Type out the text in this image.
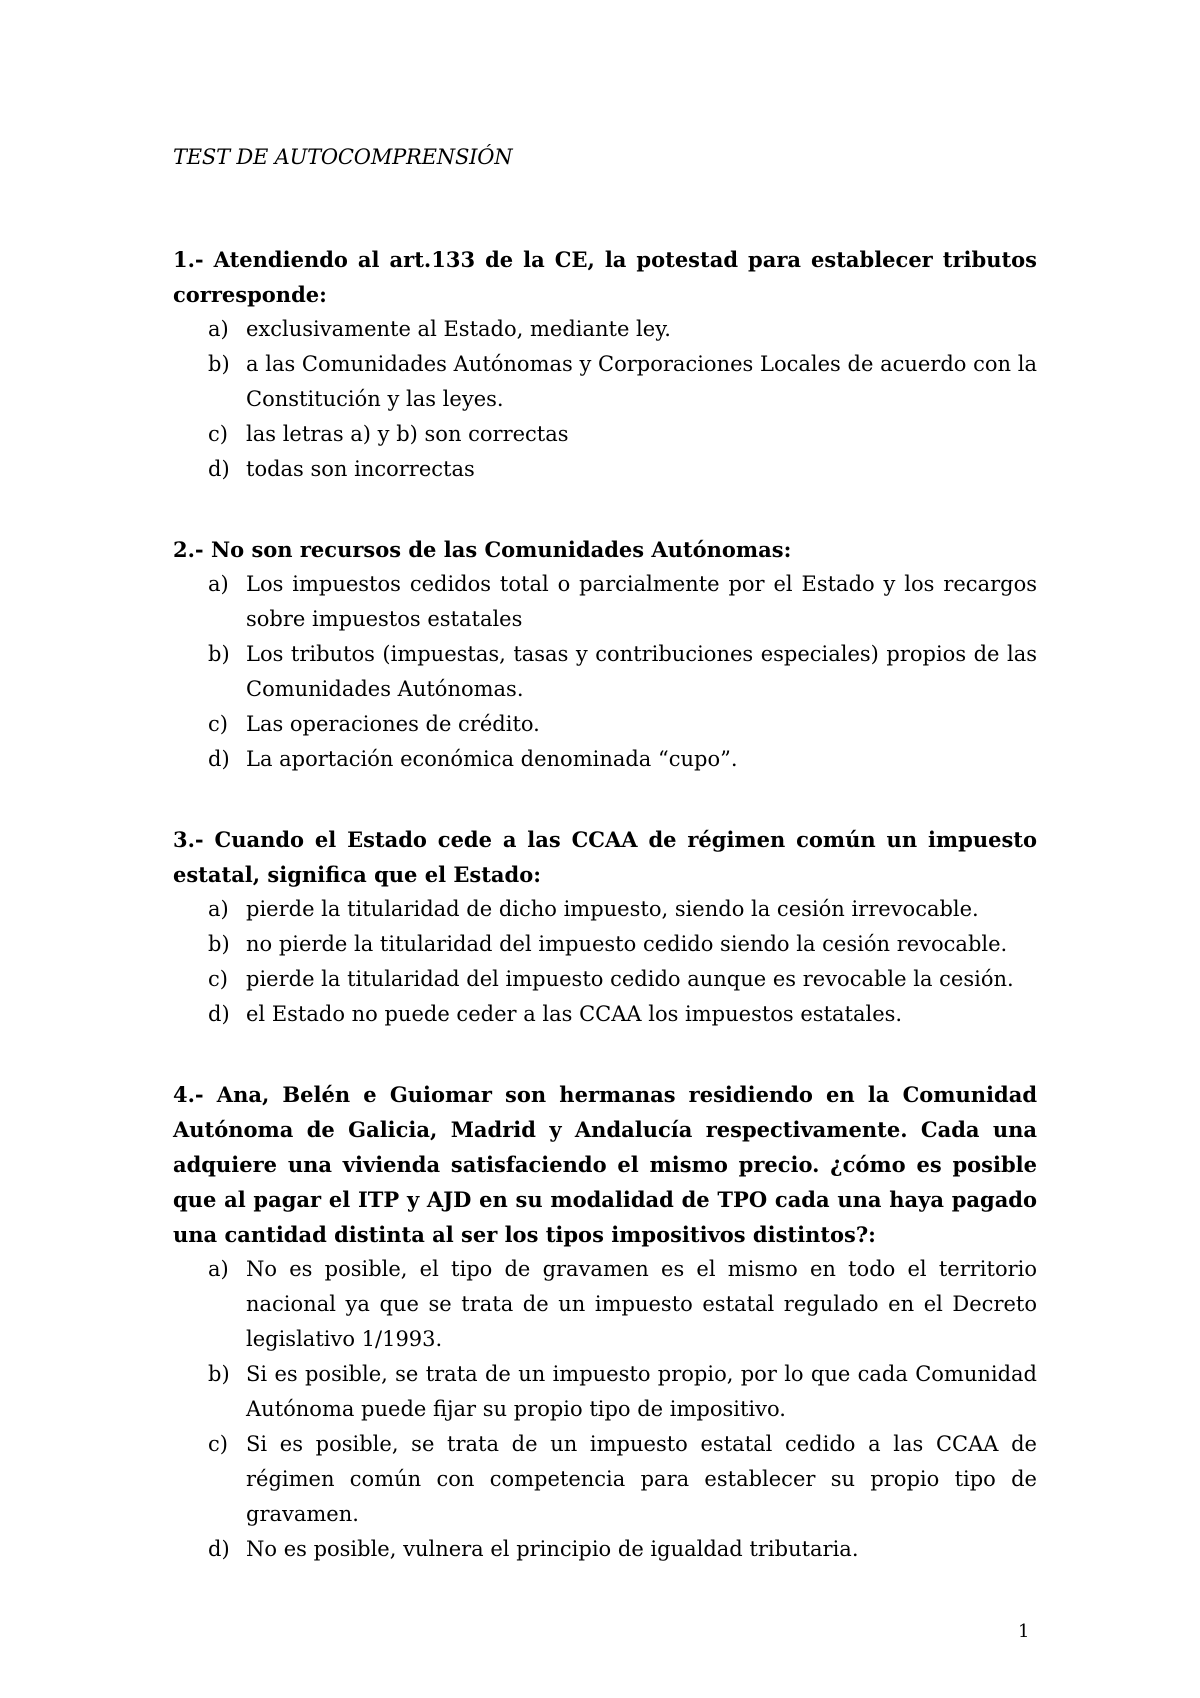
TEST DE AUTOCOMPRENSIÓN

1.- Atendiendo al art.133 de la CE, la potestad para establecer tributos corresponde:

a) exclusivamente al Estado, mediante ley.
b) a las Comunidades Autónomas y Corporaciones Locales de acuerdo con la Constitución y las leyes.
c) las letras a) y b) son correctas
d) todas son incorrectas

2.- No son recursos de las Comunidades Autónomas:

a) Los impuestos cedidos total o parcialmente por el Estado y los recargos sobre impuestos estatales
b) Los tributos (impuestas, tasas y contribuciones especiales) propios de las Comunidades Autónomas.
c) Las operaciones de crédito.
d) La aportación económica denominada “cupo”.

3.- Cuando el Estado cede a las CCAA de régimen común un impuesto estatal, significa que el Estado:

a) pierde la titularidad de dicho impuesto, siendo la cesión irrevocable.
b) no pierde la titularidad del impuesto cedido siendo la cesión revocable.
c) pierde la titularidad del impuesto cedido aunque es revocable la cesión.
d) el Estado no puede ceder a las CCAA los impuestos estatales.

4.- Ana, Belén e Guiomar son hermanas residiendo en la Comunidad Autónoma de Galicia, Madrid y Andalucía respectivamente. Cada una adquiere una vivienda satisfaciendo el mismo precio. ¿cómo es posible que al pagar el ITP y AJD en su modalidad de TPO cada una haya pagado una cantidad distinta al ser los tipos impositivos distintos?:

a) No es posible, el tipo de gravamen es el mismo en todo el territorio nacional ya que se trata de un impuesto estatal regulado en el Decreto legislativo 1/1993.
b) Si es posible, se trata de un impuesto propio, por lo que cada Comunidad Autónoma puede fijar su propio tipo de impositivo.
c) Si es posible, se trata de un impuesto estatal cedido a las CCAA de régimen común con competencia para establecer su propio tipo de gravamen.
d) No es posible, vulnera el principio de igualdad tributaria.
1
